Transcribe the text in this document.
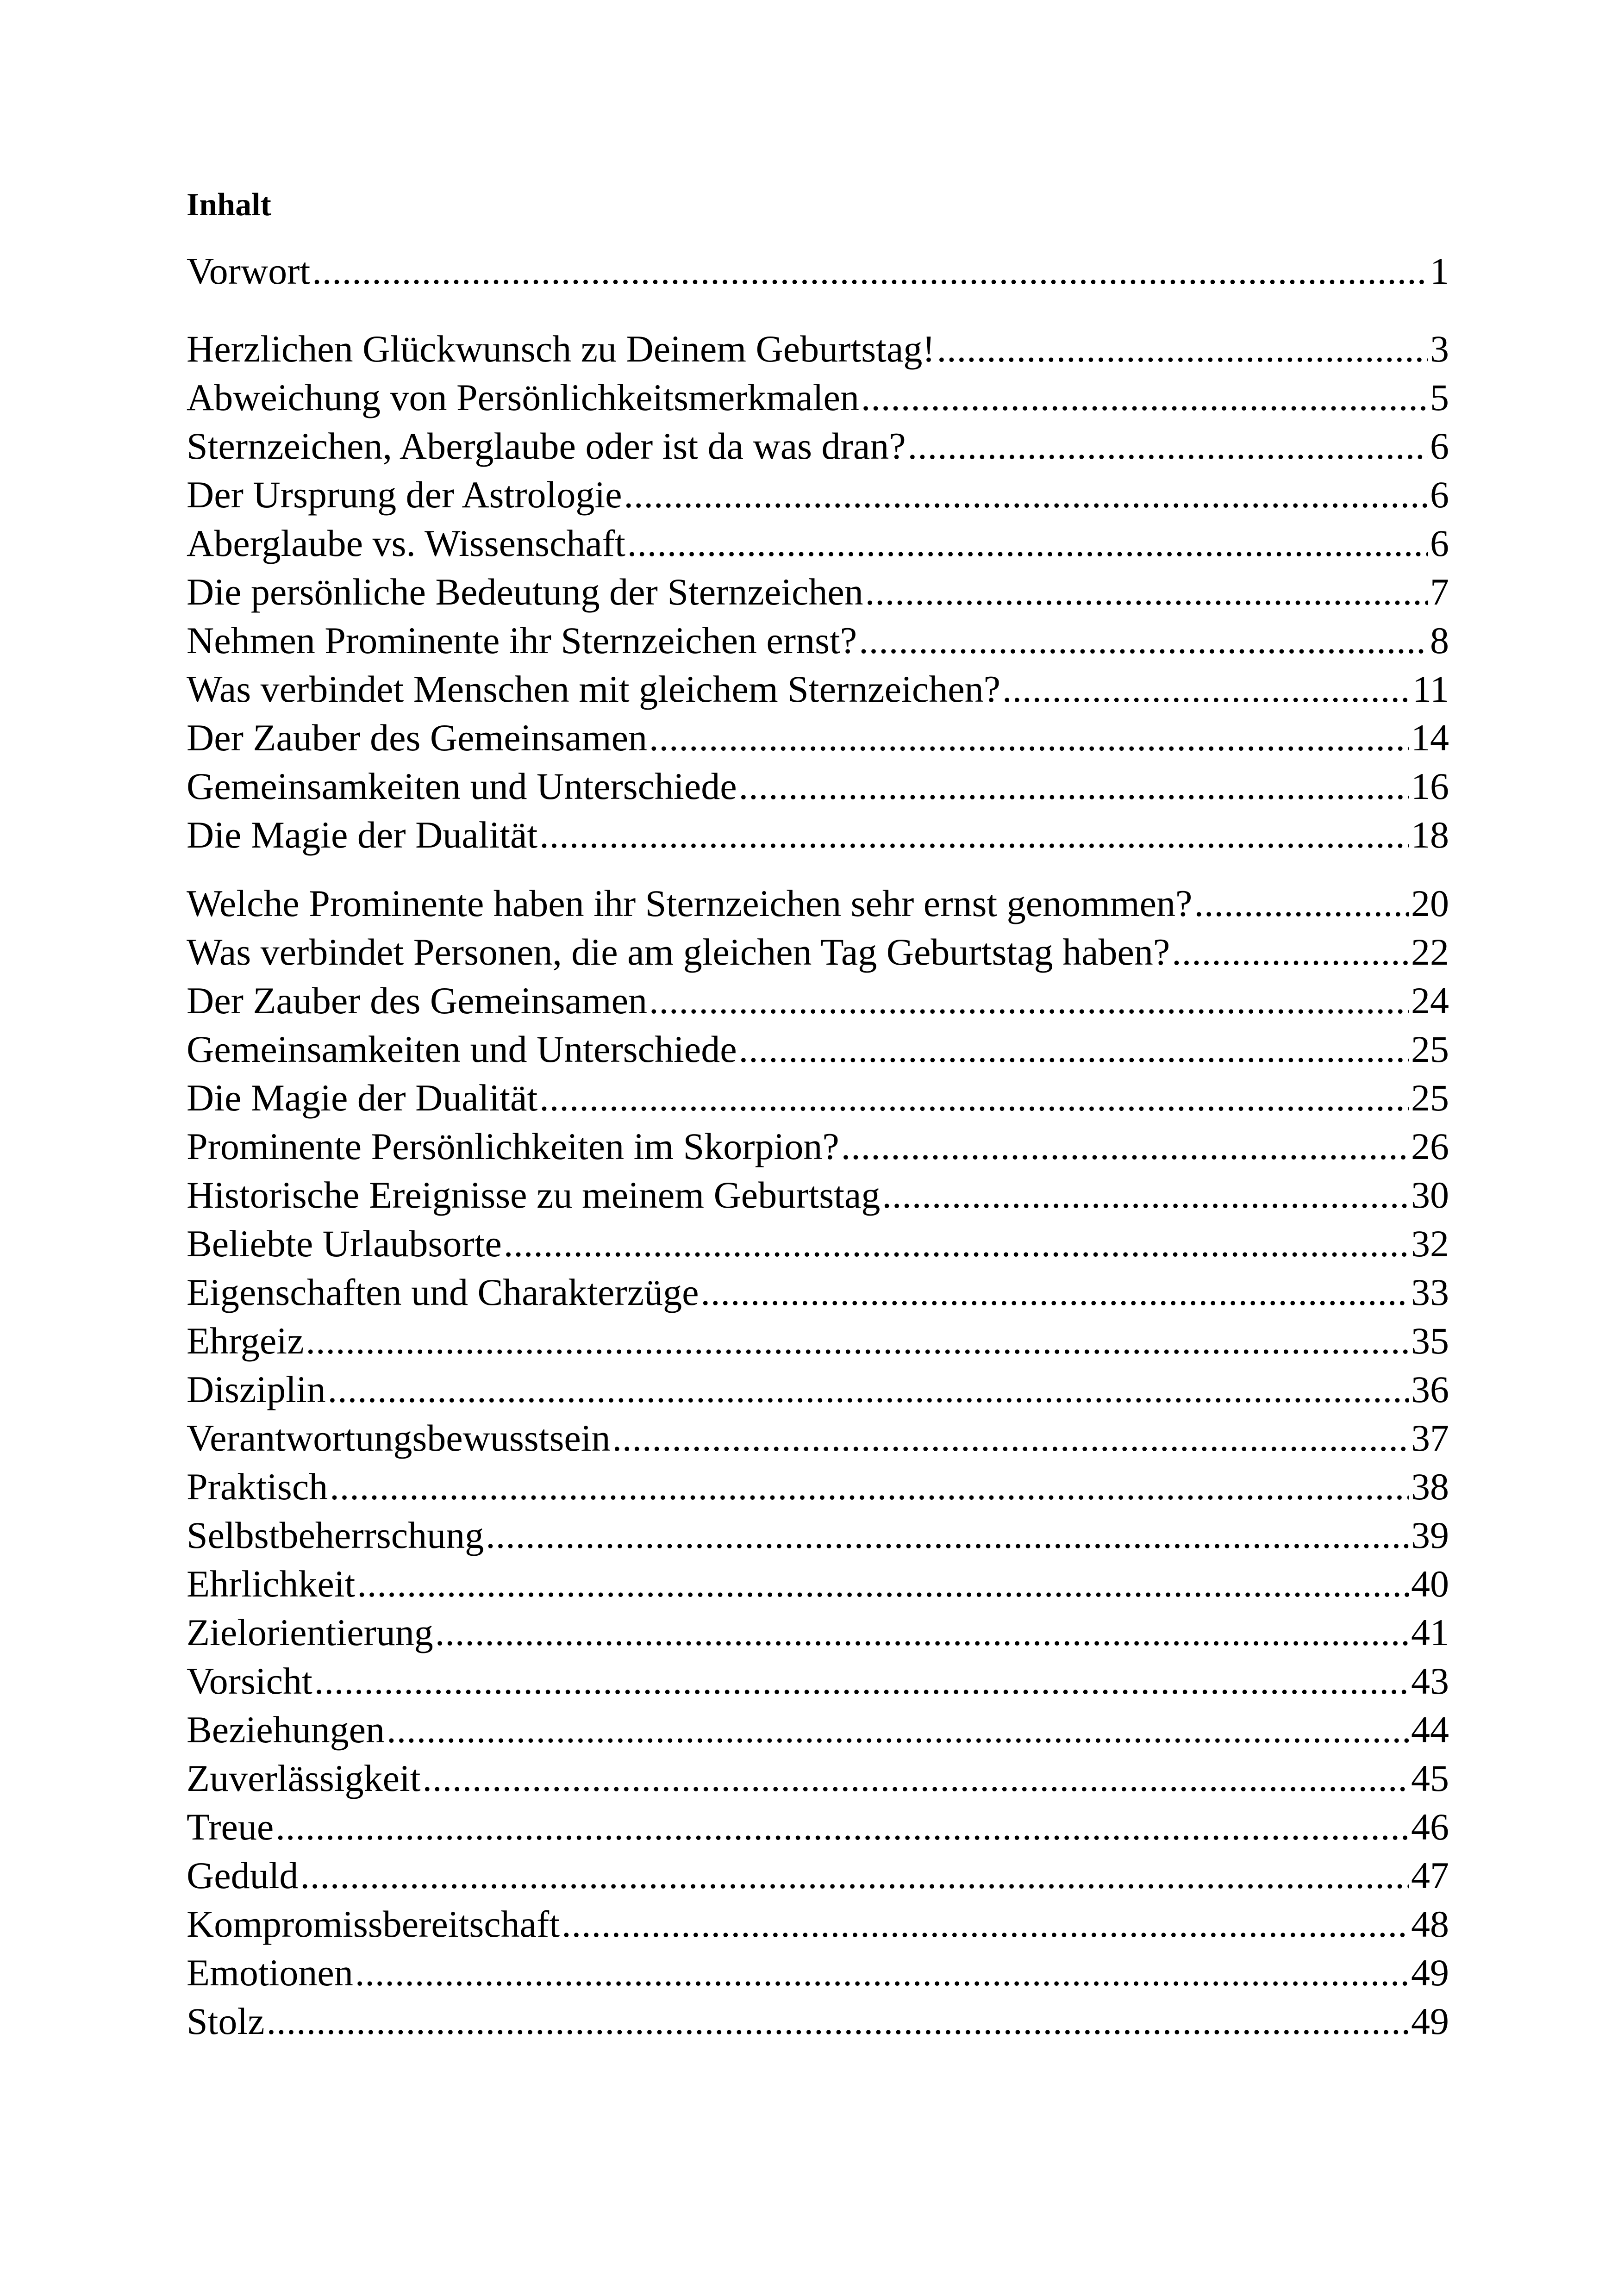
Inhalt
Vorwort .....	1
Herzlichen Glückwunsch zu Deinem Geburtstag! .....	3
Abweichung von Persönlichkeitsmerkmalen .....	5
Sternzeichen, Aberglaube oder ist da was dran? .....	6
Der Ursprung der Astrologie .....	6
Aberglaube vs. Wissenschaft .....	6
Die persönliche Bedeutung der Sternzeichen .....	7
Nehmen Prominente ihr Sternzeichen ernst? .....	8
Was verbindet Menschen mit gleichem Sternzeichen? .....	11
Der Zauber des Gemeinsamen .....	14
Gemeinsamkeiten und Unterschiede .....	16
Die Magie der Dualität .....	18
Welche Prominente haben ihr Sternzeichen sehr ernst genommen? .....	20
Was verbindet Personen, die am gleichen Tag Geburtstag haben? .....	22
Der Zauber des Gemeinsamen .....	24
Gemeinsamkeiten und Unterschiede .....	25
Die Magie der Dualität .....	25
Prominente Persönlichkeiten im Skorpion? .....	26
Historische Ereignisse zu meinem Geburtstag .....	30
Beliebte Urlaubsorte .....	32
Eigenschaften und Charakterzüge .....	33
Ehrgeiz .....	35
Disziplin .....	36
Verantwortungsbewusstsein .....	37
Praktisch .....	38
Selbstbeherrschung .....	39
Ehrlichkeit .....	40
Zielorientierung .....	41
Vorsicht .....	43
Beziehungen .....	44
Zuverlässigkeit .....	45
Treue .....	46
Geduld .....	47
Kompromissbereitschaft .....	48
Emotionen .....	49
Stolz .....	49
